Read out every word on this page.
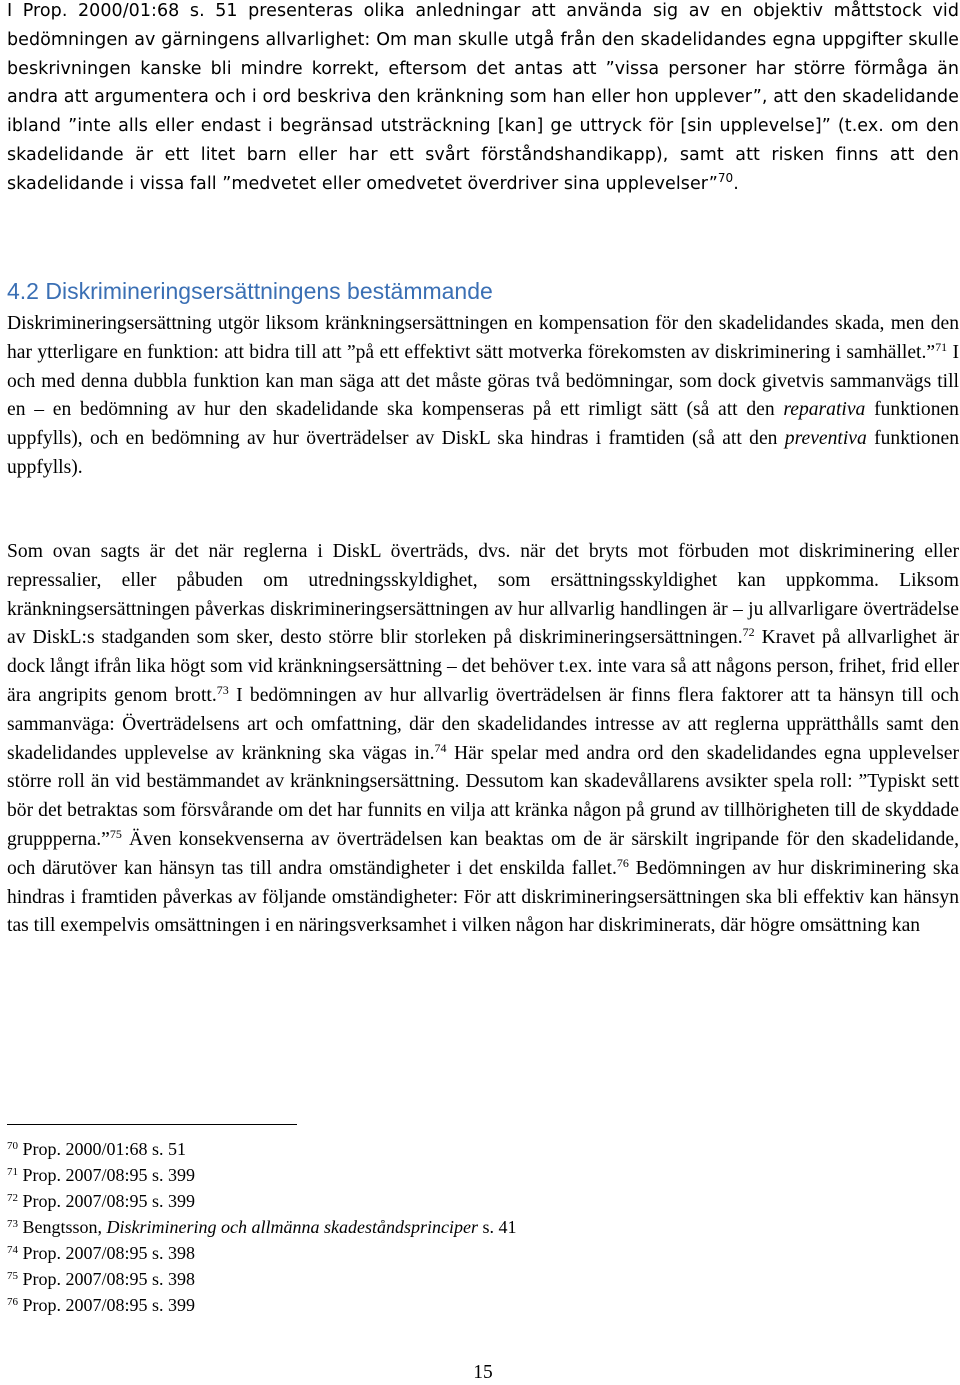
I Prop. 2000/01:68 s. 51 presenteras olika anledningar att använda sig av en objektiv måttstock vid bedömningen av gärningens allvarlighet: Om man skulle utgå från den skadelidandes egna uppgifter skulle beskrivningen kanske bli mindre korrekt, eftersom det antas att ”vissa personer har större förmåga än andra att argumentera och i ord beskriva den kränkning som han eller hon upplever”, att den skadelidande ibland ”inte alls eller endast i begränsad utsträckning [kan] ge uttryck för [sin upplevelse]” (t.ex. om den skadelidande är ett litet barn eller har ett svårt förståndshandikapp), samt att risken finns att den skadelidande i vissa fall ”medvetet eller omedvetet överdriver sina upplevelser”$^{70}$.

4.2 Diskrimineringsersättningens bestämmande

Diskrimineringsersättning utgör liksom kränkningsersättningen en kompensation för den skadelidandes skada, men den har ytterligare en funktion: att bidra till att ”på ett effektivt sätt motverka förekomsten av diskriminering i samhället.”$^{71}$ I och med denna dubbla funktion kan man säga att det måste göras två bedömningar, som dock givetvis sammanvägs till en – en bedömning av hur den skadelidande ska kompenseras på ett rimligt sätt (så att den reparativa funktionen uppfylls), och en bedömning av hur överträdelser av DiskL ska hindras i framtiden (så att den preventiva funktionen uppfylls).

Som ovan sagts är det när reglerna i DiskL överträds, dvs. när det bryts mot förbuden mot diskriminering eller repressalier, eller påbuden om utredningsskyldighet, som ersättningsskyldighet kan uppkomma. Liksom kränkningsersättningen påverkas diskrimineringsersättningen av hur allvarlig handlingen är – ju allvarligare överträdelse av DiskL:s stadganden som sker, desto större blir storleken på diskrimineringsersättningen.$^{72}$ Kravet på allvarlighet är dock långt ifrån lika högt som vid kränkningsersättning – det behöver t.ex. inte vara så att någons person, frihet, frid eller ära angripits genom brott.$^{73}$ I bedömningen av hur allvarlig överträdelsen är finns flera faktorer att ta hänsyn till och sammanväga: Överträdelsens art och omfattning, där den skadelidandes intresse av att reglerna upprätthålls samt den skadelidandes upplevelse av kränkning ska vägas in.$^{74}$ Här spelar med andra ord den skadelidandes egna upplevelser större roll än vid bestämmandet av kränkningsersättning. Dessutom kan skadevållarens avsikter spela roll: ”Typiskt sett bör det betraktas som försvårande om det har funnits en vilja att kränka någon på grund av tillhörigheten till de skyddade gruppperna.”$^{75}$ Även konsekvenserna av överträdelsen kan beaktas om de är särskilt ingripande för den skadelidande, och därutöver kan hänsyn tas till andra omständigheter i det enskilda fallet.$^{76}$ Bedömningen av hur diskriminering ska hindras i framtiden påverkas av följande omständigheter: För att diskrimineringsersättningen ska bli effektiv kan hänsyn tas till exempelvis omsättningen i en näringsverksamhet i vilken någon har diskriminerats, där högre omsättning kan

$^{70}$ Prop. 2000/01:68 s. 51
$^{71}$ Prop. 2007/08:95 s. 399
$^{72}$ Prop. 2007/08:95 s. 399
$^{73}$ Bengtsson, Diskriminering och allmänna skadeståndsprinciper s. 41
$^{74}$ Prop. 2007/08:95 s. 398
$^{75}$ Prop. 2007/08:95 s. 398
$^{76}$ Prop. 2007/08:95 s. 399
15
